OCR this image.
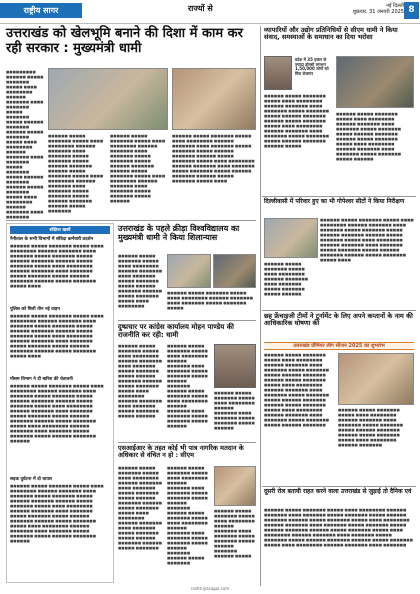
राष्ट्रीय सागर	राज्यों से	नई दिल्ली
शुक्रवार, 31 जनवरी 2025 8
उत्तराखंड को खेलभूमि बनाने की दिशा में काम कर रही सरकार : मुख्यमंत्री धामी
■■■■■■■■■ ■■■■■■ ■■■■■ ■■■■■■■ ■■■■■ ■■■■ ■■■■■■■■ ■■■■■■ ■■■■■■■ ■■■■ ■■■■■■■ ■■■■■ ■■■■■■■ ■■■■■ ■■■■■■ ■■■■■■■ ■■■■■■ ■■■■■ ■■■■■■■ ■■■■■ ■■■■ ■■■■■■■■ ■■■■■■ ■■■■■■■ ■■■■ ■■■■■■■ ■■■■■ ■■■■■■■ ■■■■■ ■■■■■■ ■■■■■■■ ■■■■■■ ■■■■■ ■■■■■■■ ■■■■■ ■■■■ ■■■■■■■■ ■■■■■■ ■■■■■■■ ■■■■ ■■■■■■■
■■■■■■ ■■■■■ ■■■■■■■ ■■■■■ ■■■■ ■■■■■■■■ ■■■■■■ ■■■■■■■ ■■■■ ■■■■■■■ ■■■■■ ■■■■■■■ ■■■■■ ■■■■■■ ■■■■■■■ ■■■■■■ ■■■■■ ■■■■■■■ ■■■■■ ■■■■ ■■■■■■■■ ■■■■■■ ■■■■■■■ ■■■■ ■■■■■■■ ■■■■■ ■■■■■■■ ■■■■■ ■■■■■■ ■■■■■■■ ■■■■■■ ■■■■■ ■■■■■■■
■■■■■■ ■■■■■ ■■■■■■■ ■■■■■ ■■■■ ■■■■■■■■ ■■■■■■ ■■■■■■■ ■■■■ ■■■■■■■ ■■■■■ ■■■■■■■ ■■■■■ ■■■■■■ ■■■■■■■ ■■■■■■ ■■■■■ ■■■■■■■ ■■■■■ ■■■■ ■■■■■■■■ ■■■■■■ ■■■■■■■ ■■■■ ■■■■■■■ ■■■■■ ■■■■■■■ ■■■■■ ■■■■■■
■■■■■■ ■■■■■ ■■■■■■■ ■■■■■ ■■■■ ■■■■■■■■ ■■■■■■ ■■■■■■■ ■■■■ ■■■■■■■ ■■■■■ ■■■■■■■ ■■■■■ ■■■■■■ ■■■■■■■ ■■■■■■ ■■■■■ ■■■■■■■ ■■■■■ ■■■■ ■■■■■■■■ ■■■■■■ ■■■■■■■ ■■■■ ■■■■■■■ ■■■■■ ■■■■■■■ ■■■■■ ■■■■■■ ■■■■■■■ ■■■■■■ ■■■■■ ■■■■■■■ ■■■■■ ■■■■
व्यापारियों और उद्योग प्रतिनिधियों से सीएम धामी ने किया संवाद, समस्याओं के समाधान का दिया भरोसा
प्रदेश में 35 हजार से ज्यादा होमस्टे लगभग 1,50,000 लोगों को मिल रोजगार
■■■■■■ ■■■■■ ■■■■■■■ ■■■■■ ■■■■ ■■■■■■■■ ■■■■■■ ■■■■■■■ ■■■■ ■■■■■■■ ■■■■■ ■■■■■■■ ■■■■■ ■■■■■■ ■■■■■■■ ■■■■■■ ■■■■■ ■■■■■■■ ■■■■■ ■■■■ ■■■■■■■■ ■■■■■■ ■■■■■■■ ■■■■ ■■■■■■■ ■■■■■ ■■■■■■■ ■■■■■ ■■■■■■ ■■■■■■■ ■■■■■■ ■■■■■
■■■■■■ ■■■■■ ■■■■■■■ ■■■■■ ■■■■ ■■■■■■■■ ■■■■■■ ■■■■■■■ ■■■■ ■■■■■■■ ■■■■■ ■■■■■■■ ■■■■■ ■■■■■■ ■■■■■■■ ■■■■■■ ■■■■■ ■■■■■■■ ■■■■■ ■■■■ ■■■■■■■■ ■■■■■■ ■■■■■■■ ■■■■ ■■■■■■■ ■■■■■ ■■■■■■■ ■■■■■ ■■■■■■
दिल्लीवासी में परिवार हुए का भी गोपेश्वर सीटों ने किया निरीक्षण
■■■■■■ ■■■■■ ■■■■■■■ ■■■■■ ■■■■ ■■■■■■■■ ■■■■■■ ■■■■■■■ ■■■■ ■■■■■■■ ■■■■■ ■■■■■■■ ■■■■■ ■■■■■■ ■■■■■■■ ■■■■■■ ■■■■■ ■■■■■■■ ■■■■■ ■■■■ ■■■■■■■■ ■■■■■■ ■■■■■■■ ■■■■ ■■■■■■■ ■■■■■ ■■■■■■■ ■■■■■ ■■■■■■ ■■■■■■■ ■■■■■■ ■■■■■ ■■■■■■■ ■■■■■ ■■■■
■■■■■■ ■■■■■ ■■■■■■■ ■■■■■ ■■■■ ■■■■■■■■ ■■■■■■ ■■■■■■■ ■■■■ ■■■■■■■ ■■■■■ ■■■■■■■ ■■■■■ ■■■■■■
छह फ्रेंचाइजी टीमों ने टूर्नामेंट के लिए अपने कप्तानों के नाम की आधिकारिक घोषणा की
उत्तराखंड प्रीमियर लीग सीजन 2025 का शुभारंभ
■■■■■■ ■■■■■ ■■■■■■■ ■■■■■ ■■■■ ■■■■■■■■ ■■■■■■ ■■■■■■■ ■■■■ ■■■■■■■ ■■■■■ ■■■■■■■ ■■■■■ ■■■■■■ ■■■■■■■ ■■■■■■ ■■■■■ ■■■■■■■ ■■■■■ ■■■■ ■■■■■■■■ ■■■■■■ ■■■■■■■ ■■■■ ■■■■■■■ ■■■■■ ■■■■■■■ ■■■■■ ■■■■■■ ■■■■■■■ ■■■■■■ ■■■■■ ■■■■■■■ ■■■■■ ■■■■ ■■■■■■■■ ■■■■■■ ■■■■■■■ ■■■■ ■■■■■■■ ■■■■■ ■■■■■■■ ■■■■■ ■■■■■■ ■■■■■■■
■■■■■■ ■■■■■ ■■■■■■■ ■■■■■ ■■■■ ■■■■■■■■ ■■■■■■ ■■■■■■■ ■■■■ ■■■■■■■ ■■■■■ ■■■■■■■ ■■■■■ ■■■■■■ ■■■■■■■ ■■■■■■ ■■■■■ ■■■■■■■ ■■■■■ ■■■■ ■■■■■■■■ ■■■■■■ ■■■■■■■
दूसरी रोल बतायी राहत करने वाला उत्तराखंड से जुड़ाई तो दैनिक एवं
■■■■■■ ■■■■■ ■■■■■■■ ■■■■■ ■■■■ ■■■■■■■■ ■■■■■■ ■■■■■■■ ■■■■ ■■■■■■■ ■■■■■ ■■■■■■■ ■■■■■ ■■■■■■ ■■■■■■■ ■■■■■■ ■■■■■ ■■■■■■■ ■■■■■ ■■■■ ■■■■■■■■ ■■■■■■ ■■■■■■■ ■■■■ ■■■■■■■ ■■■■■ ■■■■■■■ ■■■■■ ■■■■■■ ■■■■■■■ ■■■■■■ ■■■■■ ■■■■■■■ ■■■■■ ■■■■ ■■■■■■■■ ■■■■■■ ■■■■■■■ ■■■■ ■■■■■■■ ■■■■■ ■■■■■■■ ■■■■■ ■■■■■■ ■■■■■■■ ■■■■■■ ■■■■■ ■■■■■■■ ■■■■■ ■■■■ ■■■■■■■■ ■■■■■■ ■■■■■■■ ■■■■ ■■■■■■■
संक्षिप्त खबरें
नैनीताल के सभी विभागों में संविदा कर्मचारी प्रदर्शन
■■■■■■ ■■■■■ ■■■■■■■ ■■■■■ ■■■■ ■■■■■■■■ ■■■■■■ ■■■■■■■ ■■■■ ■■■■■■■ ■■■■■ ■■■■■■■ ■■■■■ ■■■■■■ ■■■■■■■ ■■■■■■ ■■■■■ ■■■■■■■ ■■■■■ ■■■■ ■■■■■■■■ ■■■■■■ ■■■■■■■ ■■■■ ■■■■■■■ ■■■■■ ■■■■■■■ ■■■■■ ■■■■■■ ■■■■■■■ ■■■■■■ ■■■■■ ■■■■■■■ ■■■■■ ■■■■
पुलिस को मिली तीन नई वाहन
■■■■■■ ■■■■■ ■■■■■■■ ■■■■■ ■■■■ ■■■■■■■■ ■■■■■■ ■■■■■■■ ■■■■ ■■■■■■■ ■■■■■ ■■■■■■■ ■■■■■ ■■■■■■ ■■■■■■■ ■■■■■■ ■■■■■ ■■■■■■■ ■■■■■ ■■■■ ■■■■■■■■ ■■■■■■ ■■■■■■■ ■■■■ ■■■■■■■ ■■■■■ ■■■■■■■ ■■■■■ ■■■■■■ ■■■■■■■ ■■■■■■ ■■■■■ ■■■■■■■ ■■■■■ ■■■■
मौसम विभाग ने दी बारिश की चेतावनी
■■■■■■ ■■■■■ ■■■■■■■ ■■■■■ ■■■■ ■■■■■■■■ ■■■■■■ ■■■■■■■ ■■■■ ■■■■■■■ ■■■■■ ■■■■■■■ ■■■■■ ■■■■■■ ■■■■■■■ ■■■■■■ ■■■■■ ■■■■■■■ ■■■■■ ■■■■ ■■■■■■■■ ■■■■■■ ■■■■■■■ ■■■■ ■■■■■■■ ■■■■■ ■■■■■■■ ■■■■■ ■■■■■■ ■■■■■■■ ■■■■■■ ■■■■■ ■■■■■■■ ■■■■■ ■■■■ ■■■■■■■■ ■■■■■■ ■■■■■■■ ■■■■ ■■■■■■■ ■■■■■ ■■■■■■■ ■■■■■ ■■■■■■ ■■■■■■■ ■■■■■■
सड़क दुर्घटना में दो घायल
■■■■■■ ■■■■■ ■■■■■■■ ■■■■■ ■■■■ ■■■■■■■■ ■■■■■■ ■■■■■■■ ■■■■ ■■■■■■■ ■■■■■ ■■■■■■■ ■■■■■ ■■■■■■ ■■■■■■■ ■■■■■■ ■■■■■ ■■■■■■■ ■■■■■ ■■■■ ■■■■■■■■ ■■■■■■ ■■■■■■■ ■■■■ ■■■■■■■ ■■■■■ ■■■■■■■ ■■■■■ ■■■■■■ ■■■■■■■ ■■■■■■ ■■■■■ ■■■■■■■ ■■■■■ ■■■■ ■■■■■■■■ ■■■■■■ ■■■■■■■ ■■■■ ■■■■■■■ ■■■■■ ■■■■■■■ ■■■■■ ■■■■■■ ■■■■■■■ ■■■■■■
उत्तराखंड के पहले क्रीड़ा विश्वविद्यालय का मुख्यमंत्री धामी ने किया शिलान्यास
■■■■■■ ■■■■■ ■■■■■■■ ■■■■■ ■■■■ ■■■■■■■■ ■■■■■■ ■■■■■■■ ■■■■ ■■■■■■■ ■■■■■ ■■■■■■■ ■■■■■ ■■■■■■ ■■■■■■■ ■■■■■■ ■■■■■ ■■■■■■■ ■■■■■ ■■■■ ■■■■■■■■
■■■■■■ ■■■■■ ■■■■■■■ ■■■■■ ■■■■ ■■■■■■■■ ■■■■■■ ■■■■■■■ ■■■■ ■■■■■■■ ■■■■■ ■■■■■■■ ■■■■■
दुष्प्रचार पर कांग्रेस कार्यालय मोहन पाण्डेय की राजनीति कर रही: धामी
■■■■■■ ■■■■■ ■■■■■■■ ■■■■■ ■■■■ ■■■■■■■■ ■■■■■■ ■■■■■■■ ■■■■ ■■■■■■■ ■■■■■ ■■■■■■■ ■■■■■ ■■■■■■ ■■■■■■■ ■■■■■■ ■■■■■ ■■■■■■■ ■■■■■ ■■■■ ■■■■■■■■ ■■■■■■ ■■■■■■■ ■■■■ ■■■■■■■ ■■■■■ ■■■■■■■ ■■■■■ ■■■■■■
■■■■■■ ■■■■■ ■■■■■■■ ■■■■■ ■■■■ ■■■■■■■■ ■■■■■■ ■■■■■■■ ■■■■ ■■■■■■■ ■■■■■ ■■■■■■■ ■■■■■ ■■■■■■ ■■■■■■■ ■■■■■■ ■■■■■ ■■■■■■■ ■■■■■ ■■■■ ■■■■■■■■ ■■■■■■ ■■■■■■■ ■■■■ ■■■■■■■ ■■■■■ ■■■■■■■ ■■■■■ ■■■■■■
■■■■■■ ■■■■■ ■■■■■■■ ■■■■■ ■■■■ ■■■■■■■■ ■■■■■■ ■■■■■■■ ■■■■ ■■■■■■■ ■■■■■ ■■■■■■■ ■■■■■ ■■■■■■
एसआईआर के तहत कोई भी पात्र नागरिक मतदान के अधिकार से वंचित न हो : सीएम
■■■■■■ ■■■■■ ■■■■■■■ ■■■■■ ■■■■ ■■■■■■■■ ■■■■■■ ■■■■■■■ ■■■■ ■■■■■■■ ■■■■■ ■■■■■■■ ■■■■■ ■■■■■■ ■■■■■■■ ■■■■■■ ■■■■■ ■■■■■■■ ■■■■■ ■■■■ ■■■■■■■■ ■■■■■■ ■■■■■■■ ■■■■ ■■■■■■■ ■■■■■ ■■■■■■■ ■■■■■ ■■■■■■ ■■■■■■■ ■■■■■■ ■■■■■ ■■■■■■■
■■■■■■ ■■■■■ ■■■■■■■ ■■■■■ ■■■■ ■■■■■■■■ ■■■■■■ ■■■■■■■ ■■■■ ■■■■■■■ ■■■■■ ■■■■■■■ ■■■■■ ■■■■■■ ■■■■■■■ ■■■■■■ ■■■■■ ■■■■■■■ ■■■■■ ■■■■ ■■■■■■■■ ■■■■■■ ■■■■■■■ ■■■■ ■■■■■■■ ■■■■■ ■■■■■■■ ■■■■■ ■■■■■■ ■■■■■■■ ■■■■■■ ■■■■■ ■■■■■■■
■■■■■■ ■■■■■ ■■■■■■■ ■■■■■ ■■■■ ■■■■■■■■ ■■■■■■ ■■■■■■■ ■■■■ ■■■■■■■ ■■■■■ ■■■■■■■ ■■■■■ ■■■■■■ ■■■■■■■ ■■■■■■ ■■■■■
rashtriyasagar.com
